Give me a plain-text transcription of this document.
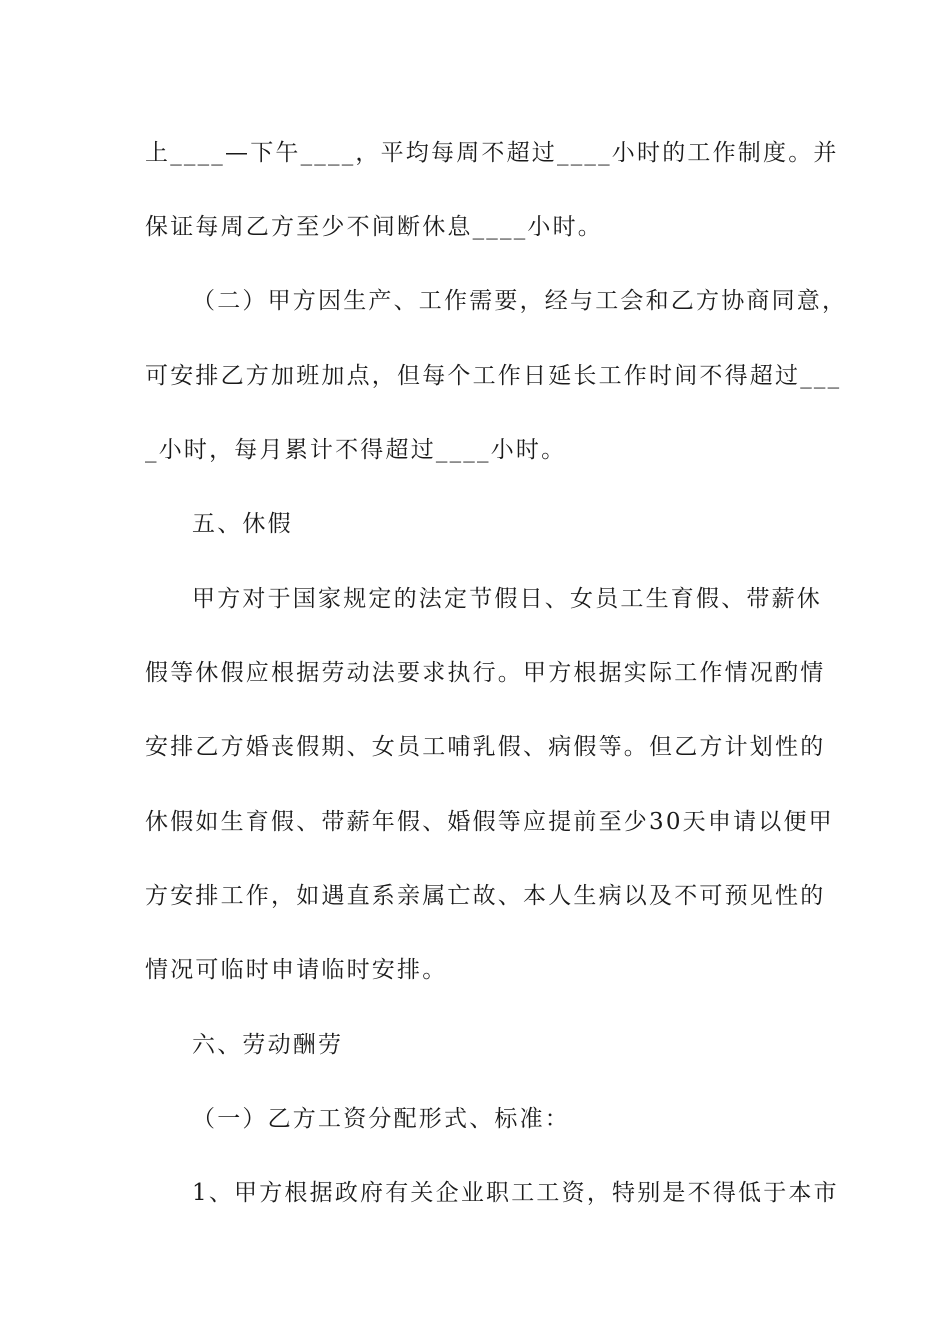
上____—下午____，平均每周不超过____小时的工作制度。并
保证每周乙方至少不间断休息____小时。
（二）甲方因生产、工作需要，经与工会和乙方协商同意，
可安排乙方加班加点，但每个工作日延长工作时间不得超过___
_小时，每月累计不得超过____小时。
五、休假
甲方对于国家规定的法定节假日、女员工生育假、带薪休
假等休假应根据劳动法要求执行。甲方根据实际工作情况酌情
安排乙方婚丧假期、女员工哺乳假、病假等。但乙方计划性的
休假如生育假、带薪年假、婚假等应提前至少30天申请以便甲
方安排工作，如遇直系亲属亡故、本人生病以及不可预见性的
情况可临时申请临时安排。
六、劳动酬劳
（一）乙方工资分配形式、标准：
1、甲方根据政府有关企业职工工资，特别是不得低于本市
